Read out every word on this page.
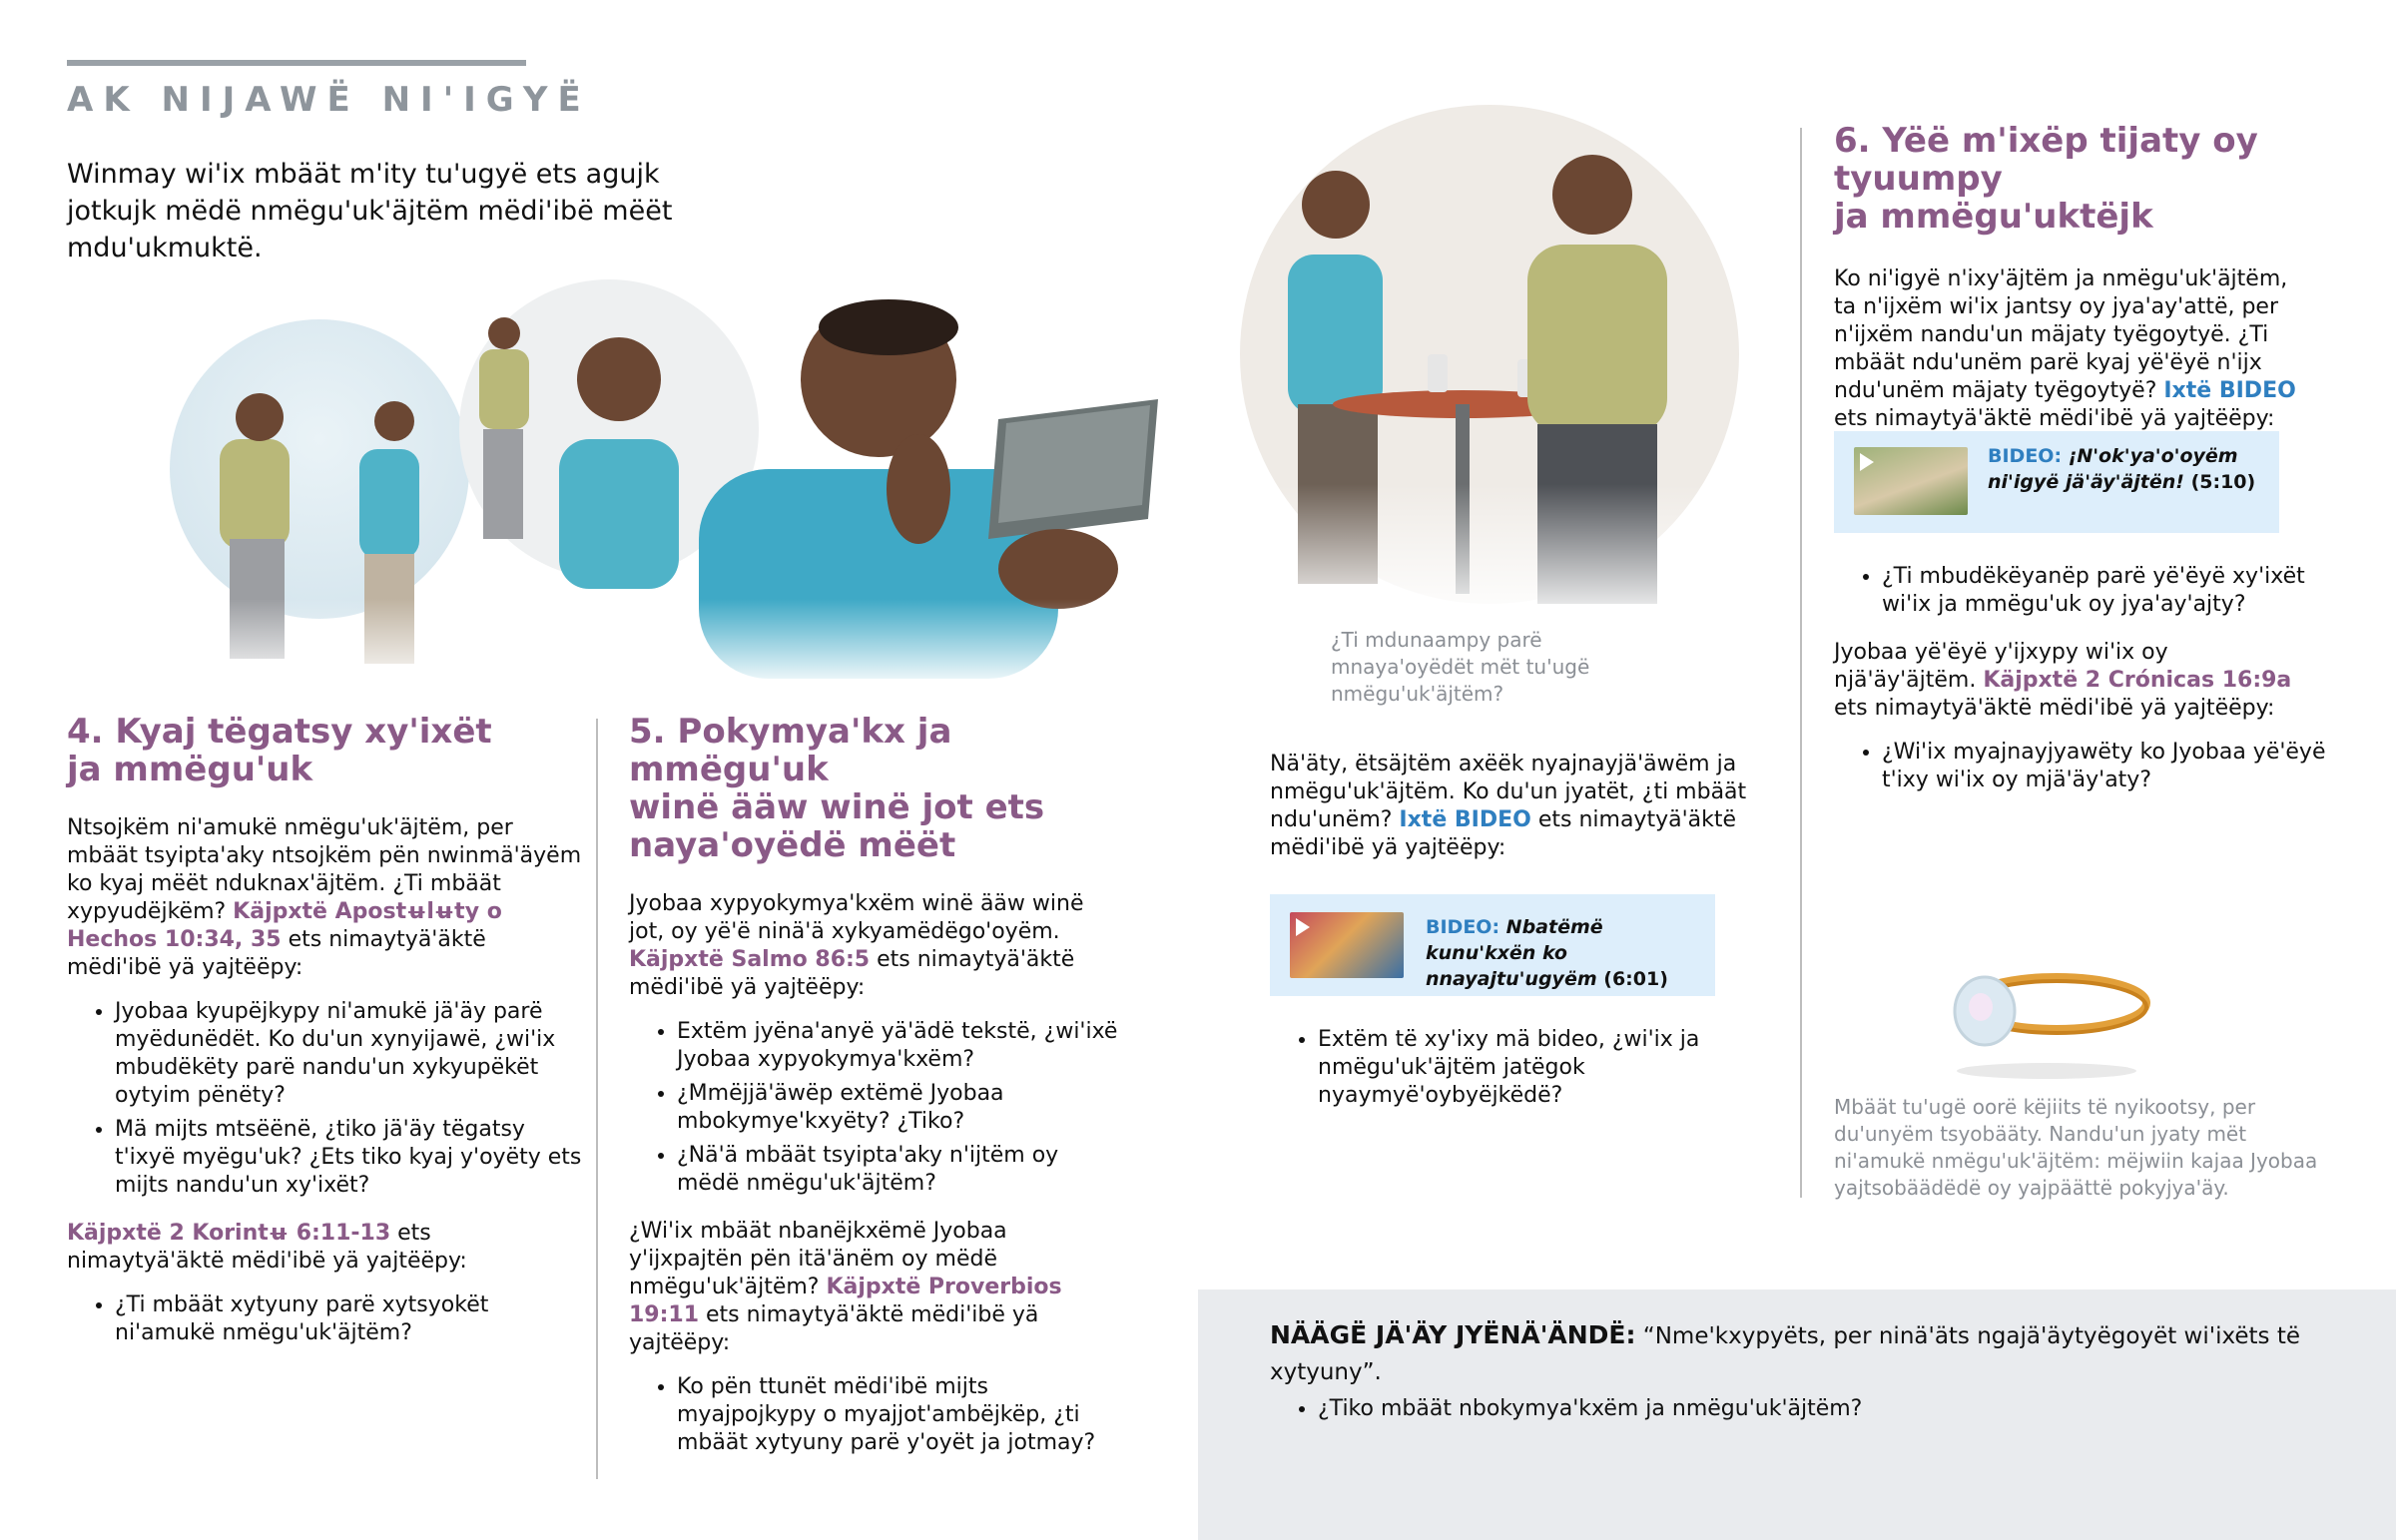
AK NIJAWË NI'IGYË
Winmay wi'ix mbäät m'ity tu'ugyë ets agujk jotkujk mëdë nmëgu'uk'äjtëm mëdi'ibë mëët mdu'ukmuktë.
¿Ti mdunaampy parë mnaya'oyëdët mët tu'ugë nmëgu'uk'äjtëm?
4. Kyaj tëgatsy xy'ixët
ja mmëgu'uk

Ntsojkëm ni'amukë nmëgu'uk'äjtëm, per mbäät tsyipta'aky ntsojkëm pën nwinmä'äyëm ko kyaj mëët nduknax'äjtëm. ¿Ti mbäät xypyudëjkëm? Käjpxtë Apostʉlʉty o Hechos 10:34, 35 ets nimaytyä'äktë mëdi'ibë yä yajtëëpy:

• Jyobaa kyupëjkypy ni'amukë jä'äy parë myëdunëdët. Ko du'un xynyijawë, ¿wi'ix mbudëkëty parë nandu'un xykyupëkët oytyim pënëty?
• Mä mijts mtsëënë, ¿tiko jä'äy tëgatsy t'ixyë myëgu'uk? ¿Ets tiko kyaj y'oyëty ets mijts nandu'un xy'ixët?

Käjpxtë 2 Korintʉ 6:11-13 ets nimaytyä'äktë mëdi'ibë yä yajtëëpy:

• ¿Ti mbäät xytyuny parë xytsyokët ni'amukë nmëgu'uk'äjtëm?
5. Pokymya'kx ja mmëgu'uk
winë ääw winë jot ets
naya'oyëdë mëët

Jyobaa xypyokymya'kxëm winë ääw winë jot, oy yë'ë ninä'ä xykyamëdëgo'oyëm. Käjpxtë Salmo 86:5 ets nimaytyä'äktë mëdi'ibë yä yajtëëpy:

• Extëm jyëna'anyë yä'ädë tekstë, ¿wi'ixë Jyobaa xypyokymya'kxëm?
• ¿Mmëjjä'äwëp extëmë Jyobaa mbokymye'kxyëty? ¿Tiko?
• ¿Nä'ä mbäät tsyipta'aky n'ijtëm oy mëdë nmëgu'uk'äjtëm?

¿Wi'ix mbäät nbanëjkxëmë Jyobaa y'ijxpajtën pën itä'änëm oy mëdë nmëgu'uk'äjtëm? Käjpxtë Proverbios 19:11 ets nimaytyä'äktë mëdi'ibë yä yajtëëpy:

• Ko pën ttunët mëdi'ibë mijts myajpojkypy o myajjot'ambëjkëp, ¿ti mbäät xytyuny parë y'oyët ja jotmay?
Nä'äty, ëtsäjtëm axëëk nyajnayjä'äwëm ja nmëgu'uk'äjtëm. Ko du'un jyatët, ¿ti mbäät ndu'unëm? Ixtë BIDEO ets nimaytyä'äktë mëdi'ibë yä yajtëëpy:
BIDEO: Nbatëmë kunu'kxën ko nnayajtu'ugyëm (6:01)
• Extëm të xy'ixy mä bideo, ¿wi'ix ja nmëgu'uk'äjtëm jatëgok nyaymyë'oybyëjkëdë?
6. Yëë m'ixëp tijaty oy tyuumpy
ja mmëgu'uktëjk

Ko ni'igyë n'ixy'äjtëm ja nmëgu'uk'äjtëm, ta n'ijxëm wi'ix jantsy oy jya'ay'attë, per n'ijxëm nandu'un mäjaty tyëgoytyë. ¿Ti mbäät ndu'unëm parë kyaj yë'ëyë n'ijx ndu'unëm mäjaty tyëgoytyë? Ixtë BIDEO ets nimaytyä'äktë mëdi'ibë yä yajtëëpy:

BIDEO: ¡N'ok'ya'o'oyëm ni'igyë jä'äy'äjtën! (5:10)
• ¿Ti mbudëkëyanëp parë yë'ëyë xy'ixët wi'ix ja mmëgu'uk oy jya'ay'ajty?

Jyobaa yë'ëyë y'ijxypy wi'ix oy njä'äy'äjtëm. Käjpxtë 2 Crónicas 16:9a ets nimaytyä'äktë mëdi'ibë yä yajtëëpy:

• ¿Wi'ix myajnayjyawëty ko Jyobaa yë'ëyë t'ixy wi'ix oy mjä'äy'aty?
Mbäät tu'ugë oorë këjiits të nyikootsy, per du'unyëm tsyobääty. Nandu'un jyaty mët ni'amukë nmëgu'uk'äjtëm: mëjwiin kajaa Jyobaa yajtsobäädëdë oy yajpäättë pokyjya'äy.
NÄÄGË JÄ'ÄY JYËNÄ'ÄNDË: “Nme'kxypyëts, per ninä'äts ngajä'äytyëgoyët wi'ixëts të xytyuny”.
• ¿Tiko mbäät nbokymya'kxëm ja nmëgu'uk'äjtëm?
